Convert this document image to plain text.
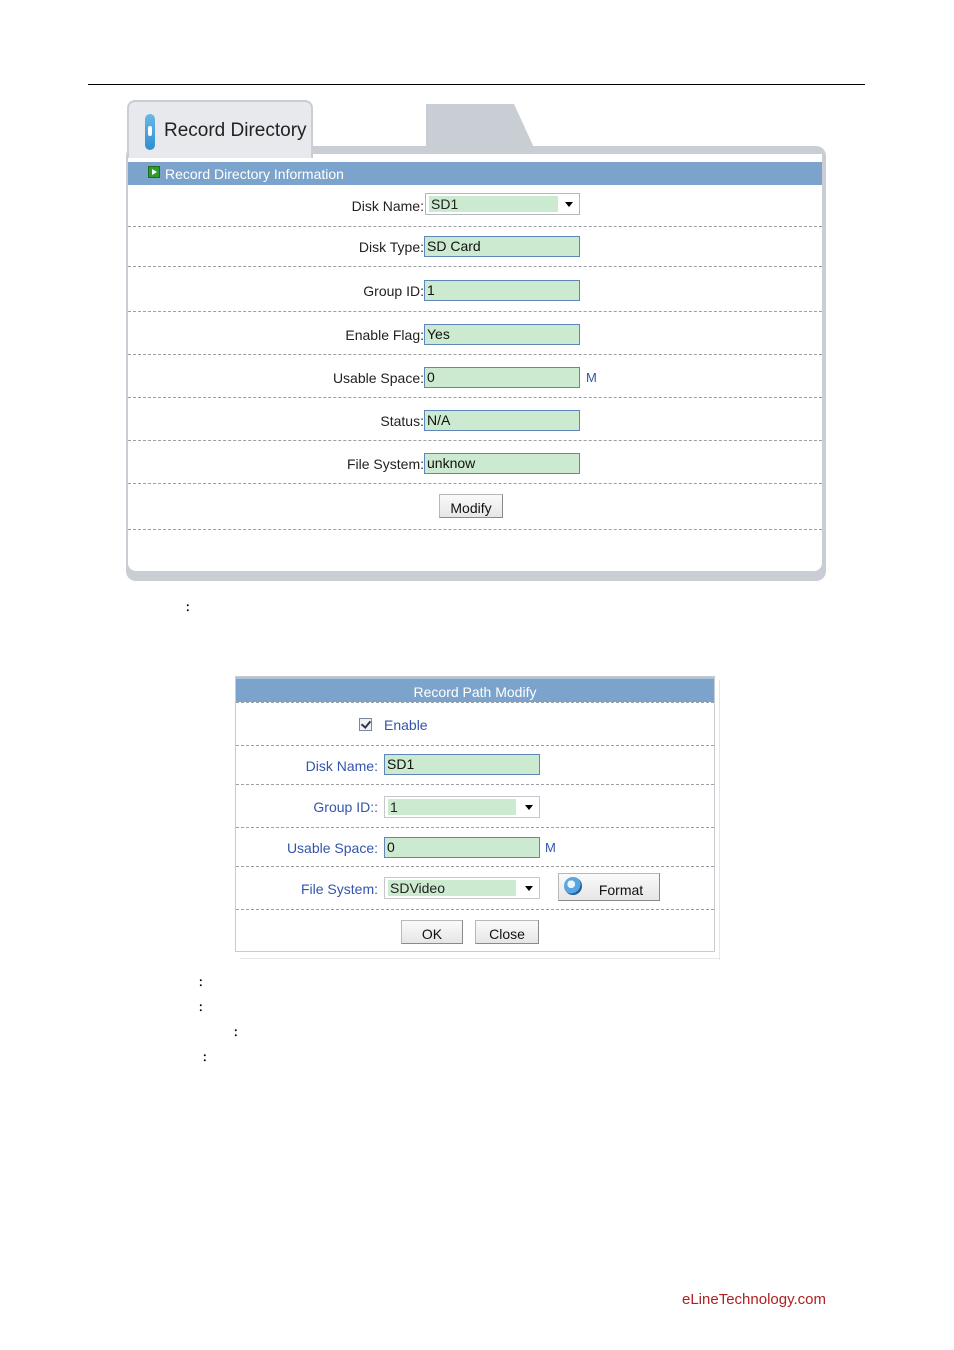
Record Directory Information
Disk Name: SD1
Disk Type: SD Card
Group ID: 1
Enable Flag: Yes
Usable Space: 0	M
Status: N/A
File System: unknow
Modify
Record Directory
：
Record Path Modify
Enable
Disk Name: SD1
Group ID:: 1
Usable Space: 0	M
File System: SDVideo	Format
OK	Close
：
：
：
：
eLineTechnology.com
